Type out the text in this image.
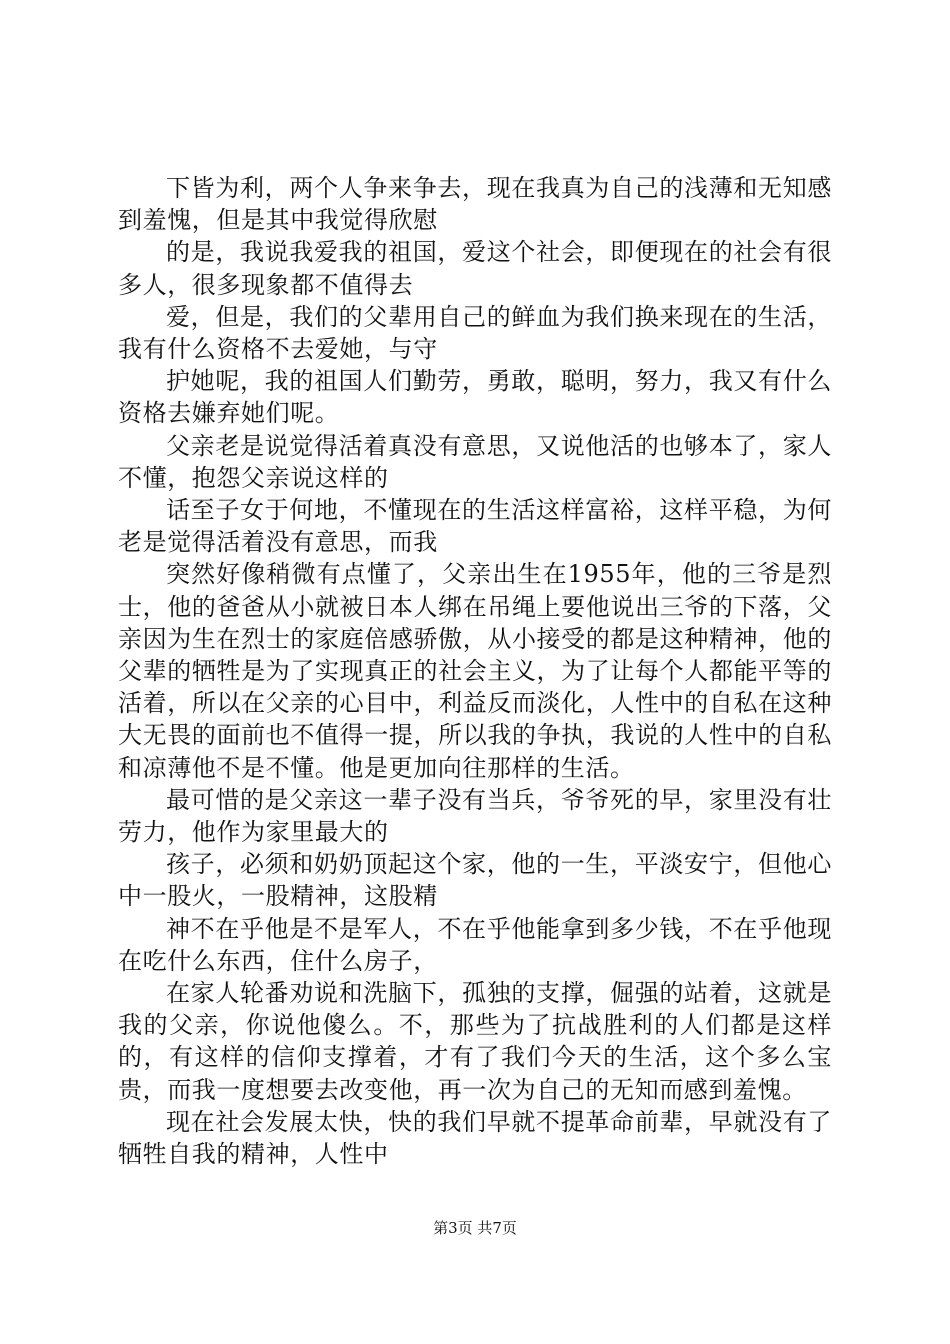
下皆为利，两个人争来争去，现在我真为自己的浅薄和无知感到羞愧，但是其中我觉得欣慰

的是，我说我爱我的祖国，爱这个社会，即便现在的社会有很多人，很多现象都不值得去

爱，但是，我们的父辈用自己的鲜血为我们换来现在的生活，我有什么资格不去爱她，与守

护她呢，我的祖国人们勤劳，勇敢，聪明，努力，我又有什么资格去嫌弃她们呢。

父亲老是说觉得活着真没有意思，又说他活的也够本了，家人不懂，抱怨父亲说这样的

话至子女于何地，不懂现在的生活这样富裕，这样平稳，为何老是觉得活着没有意思，而我

突然好像稍微有点懂了，父亲出生在1955年，他的三爷是烈士，他的爸爸从小就被日本人绑在吊绳上要他说出三爷的下落，父亲因为生在烈士的家庭倍感骄傲，从小接受的都是这种精神，他的父辈的牺牲是为了实现真正的社会主义，为了让每个人都能平等的活着，所以在父亲的心目中，利益反而淡化，人性中的自私在这种大无畏的面前也不值得一提，所以我的争执，我说的人性中的自私和凉薄他不是不懂。他是更加向往那样的生活。

最可惜的是父亲这一辈子没有当兵，爷爷死的早，家里没有壮劳力，他作为家里最大的

孩子，必须和奶奶顶起这个家，他的一生，平淡安宁，但他心中一股火，一股精神，这股精

神不在乎他是不是军人，不在乎他能拿到多少钱，不在乎他现在吃什么东西，住什么房子，

在家人轮番劝说和洗脑下，孤独的支撑，倔强的站着，这就是我的父亲，你说他傻么。不，那些为了抗战胜利的人们都是这样的，有这样的信仰支撑着，才有了我们今天的生活，这个多么宝贵，而我一度想要去改变他，再一次为自己的无知而感到羞愧。

现在社会发展太快，快的我们早就不提革命前辈，早就没有了牺牲自我的精神，人性中

第3页 共7页
